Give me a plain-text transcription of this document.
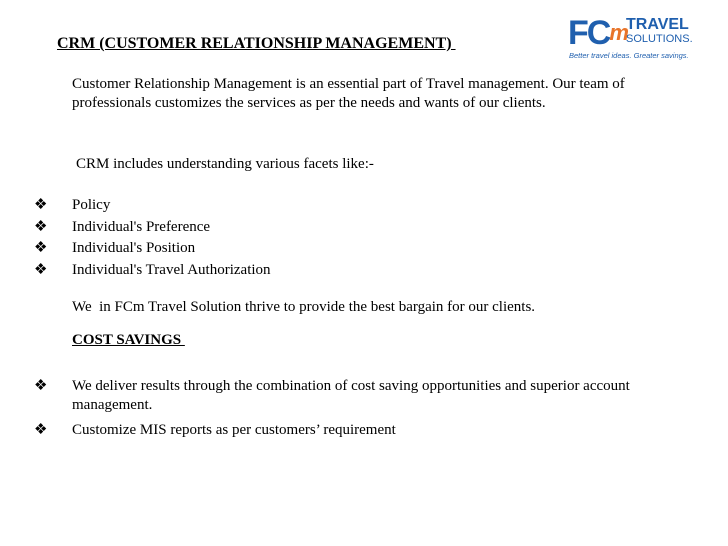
CRM (CUSTOMER RELATIONSHIP MANAGEMENT)	$FC^m$ TRAVEL
SOLUTIONS.
Better travel ideas. Greater savings.
Customer Relationship Management is an essential part of Travel management. Our team of professionals customizes the services as per the needs and wants of our clients.
CRM includes understanding various facets like:-
❖ Policy
❖ Individual's Preference
❖ Individual's Position
❖ Individual's Travel Authorization
We  in FCm Travel Solution thrive to provide the best bargain for our clients.
COST SAVINGS
❖ We deliver results through the combination of cost saving opportunities and superior account management.
❖ Customize MIS reports as per customers’ requirement
